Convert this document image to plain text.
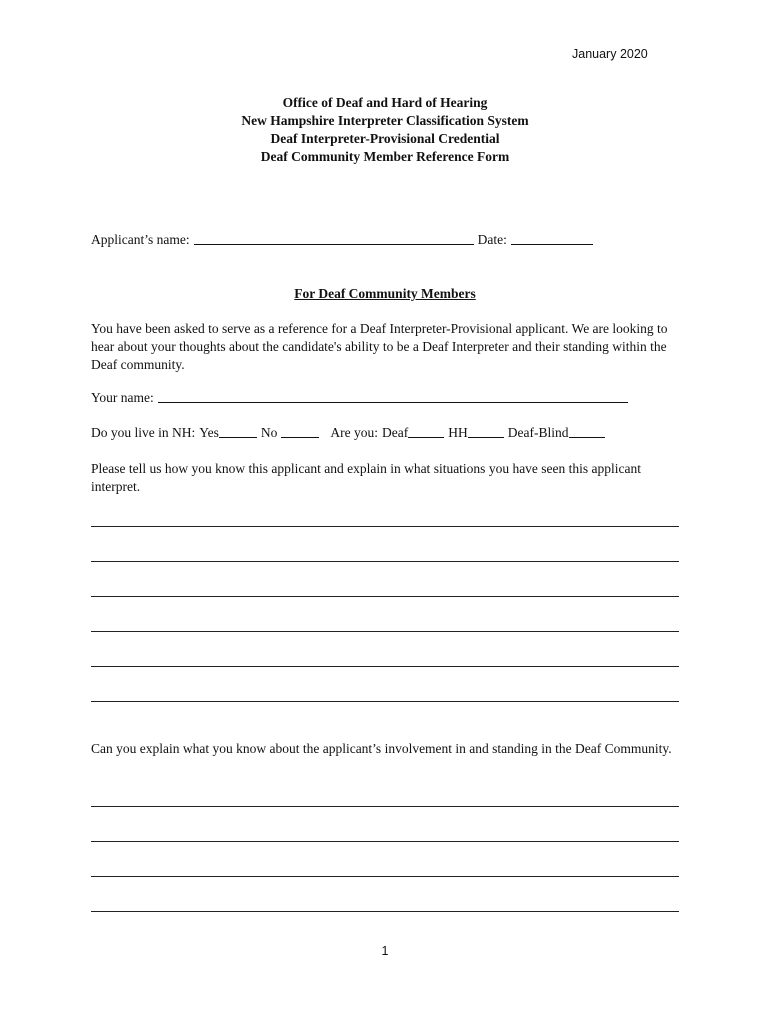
January 2020
Office of Deaf and Hard of Hearing
New Hampshire Interpreter Classification System
Deaf Interpreter-Provisional Credential
Deaf Community Member Reference Form
Applicant’s name:	Date:
For Deaf Community Members
You have been asked to serve as a reference for a Deaf Interpreter-Provisional applicant. We are looking to hear about your thoughts about the candidate's ability to be a Deaf Interpreter and their standing within the Deaf community.
Your name:
Do you live in NH: Yes	No	Are you: Deaf	HH	Deaf-Blind
Please tell us how you know this applicant and explain in what situations you have seen this applicant interpret.
Can you explain what you know about the applicant’s involvement in and standing in the Deaf Community.
1
